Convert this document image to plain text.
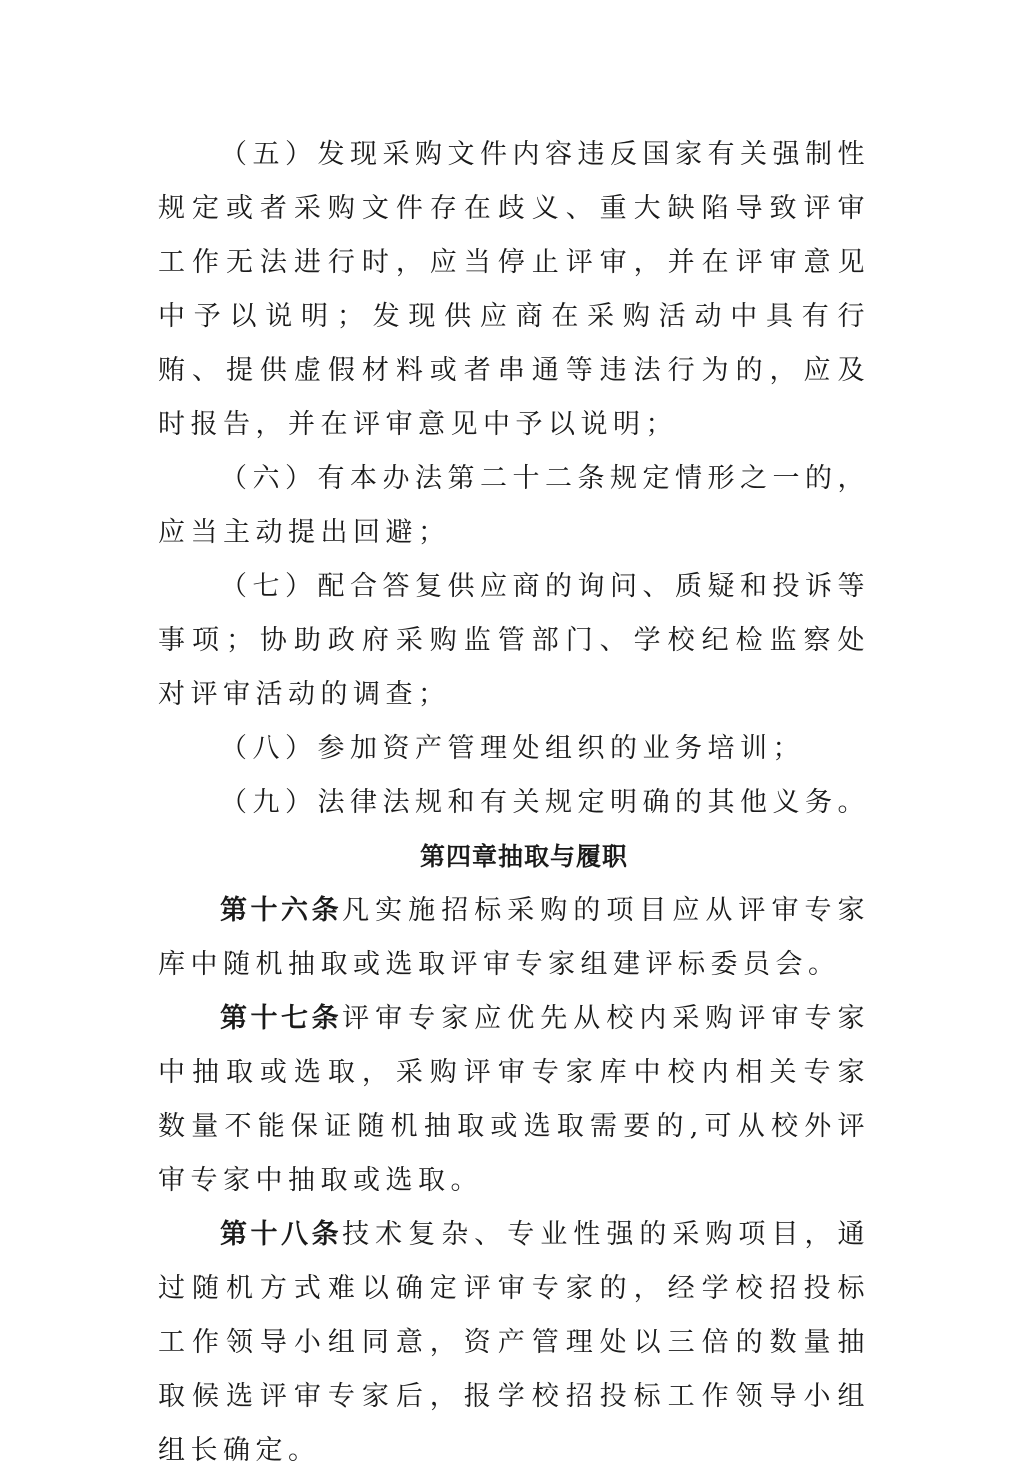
（五）发现采购文件内容违反国家有关强制性规定或者采购文件存在歧义、重大缺陷导致评审工作无法进行时，应当停止评审，并在评审意见中予以说明；发现供应商在采购活动中具有行贿、提供虚假材料或者串通等违法行为的，应及时报告，并在评审意见中予以说明；

（六）有本办法第二十二条规定情形之一的，应当主动提出回避；

（七）配合答复供应商的询问、质疑和投诉等事项；协助政府采购监管部门、学校纪检监察处对评审活动的调查；

（八）参加资产管理处组织的业务培训；

（九）法律法规和有关规定明确的其他义务。

第四章抽取与履职

第十六条凡实施招标采购的项目应从评审专家库中随机抽取或选取评审专家组建评标委员会。

第十七条评审专家应优先从校内采购评审专家中抽取或选取，采购评审专家库中校内相关专家数量不能保证随机抽取或选取需要的,可从校外评审专家中抽取或选取。

第十八条技术复杂、专业性强的采购项目，通过随机方式难以确定评审专家的，经学校招投标工作领导小组同意，资产管理处以三倍的数量抽取候选评审专家后，报学校招投标工作领导小组组长确定。
